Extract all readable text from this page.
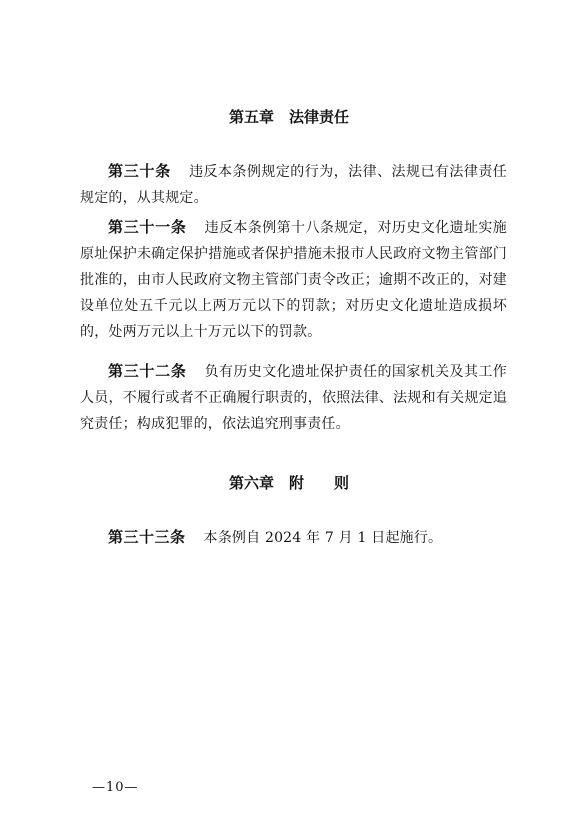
第五章　法律责任

第三十条 违反本条例规定的行为，法律、法规已有法律责任规定的，从其规定。

第三十一条 违反本条例第十八条规定，对历史文化遗址实施原址保护未确定保护措施或者保护措施未报市人民政府文物主管部门批准的，由市人民政府文物主管部门责令改正；逾期不改正的，对建设单位处五千元以上两万元以下的罚款；对历史文化遗址造成损坏的，处两万元以上十万元以下的罚款。

第三十二条 负有历史文化遗址保护责任的国家机关及其工作人员，不履行或者不正确履行职责的，依照法律、法规和有关规定追究责任；构成犯罪的，依法追究刑事责任。

第六章　附　　则

第三十三条 本条例自 2024 年 7 月 1 日起施行。

—10—
